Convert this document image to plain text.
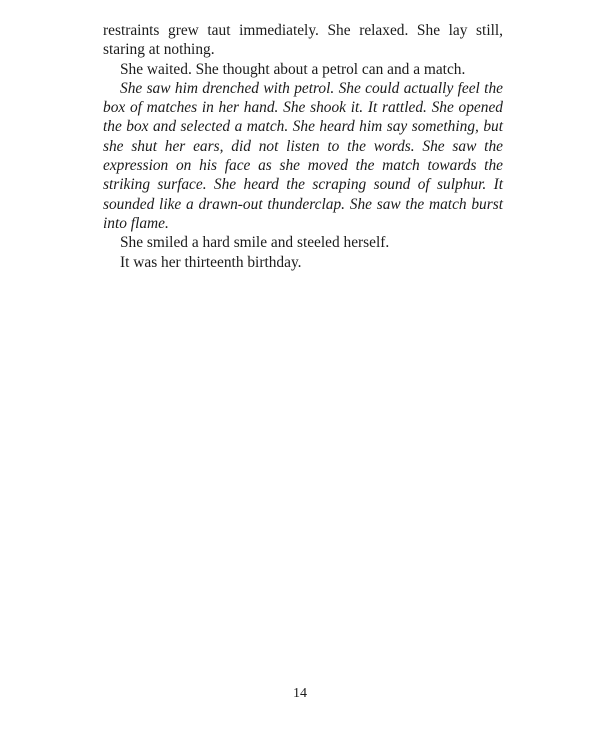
restraints grew taut immediately. She relaxed. She lay still, staring at nothing.

She waited. She thought about a petrol can and a match.

She saw him drenched with petrol. She could actually feel the box of matches in her hand. She shook it. It rattled. She opened the box and selected a match. She heard him say something, but she shut her ears, did not listen to the words. She saw the expression on his face as she moved the match towards the striking surface. She heard the scraping sound of sulphur. It sounded like a drawn-out thunderclap. She saw the match burst into flame.

She smiled a hard smile and steeled herself.

It was her thirteenth birthday.

14
